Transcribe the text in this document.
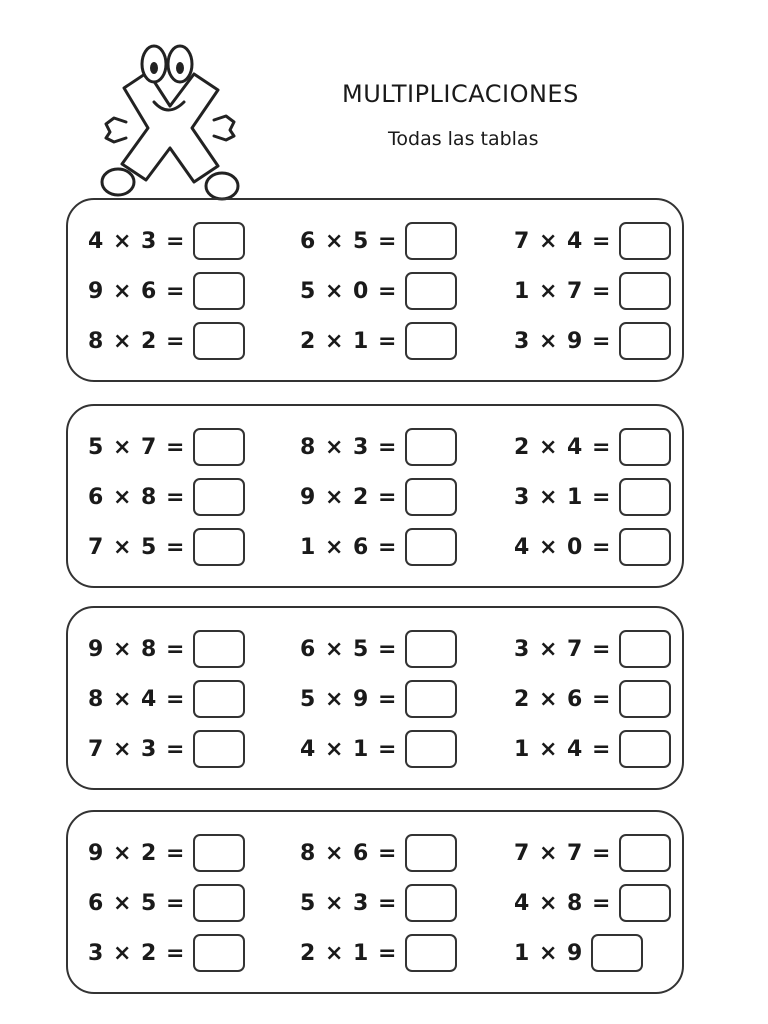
MULTIPLICACIONES
Todas las tablas
4 × 3 =	6 × 5 =	7 × 4 =
9 × 6 =	5 × 0 =	1 × 7 =
8 × 2 =	2 × 1 =	3 × 9 =
5 × 7 =	8 × 3 =	2 × 4 =
6 × 8 =	9 × 2 =	3 × 1 =
7 × 5 =	1 × 6 =	4 × 0 =
9 × 8 =	6 × 5 =	3 × 7 =
8 × 4 =	5 × 9 =	2 × 6 =
7 × 3 =	4 × 1 =	1 × 4 =
9 × 2 =	8 × 6 =	7 × 7 =
6 × 5 =	5 × 3 =	4 × 8 =
3 × 2 =	2 × 1 =	1 × 9
